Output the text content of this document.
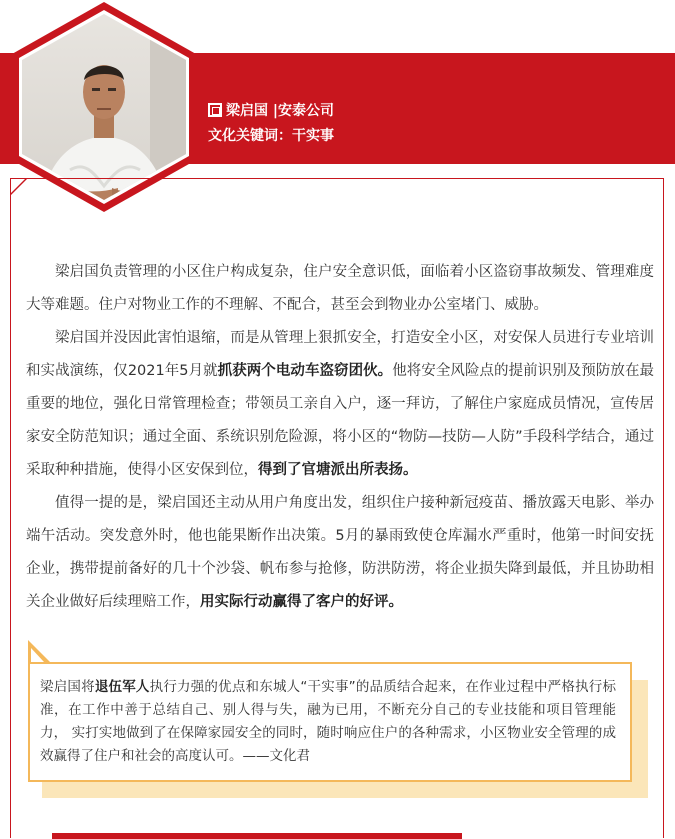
梁启国 |安泰公司
文化关键词：干实事

梁启国负责管理的小区住户构成复杂，住户安全意识低，面临着小区盗窃事故频发、管理难度大等难题。住户对物业工作的不理解、不配合，甚至会到物业办公室堵门、威胁。

梁启国并没因此害怕退缩，而是从管理上狠抓安全，打造安全小区，对安保人员进行专业培训和实战演练，仅2021年5月就抓获两个电动车盗窃团伙。他将安全风险点的提前识别及预防放在最重要的地位，强化日常管理检查；带领员工亲自入户，逐一拜访，了解住户家庭成员情况，宣传居家安全防范知识；通过全面、系统识别危险源，将小区的“物防—技防—人防”手段科学结合，通过采取种种措施，使得小区安保到位，得到了官塘派出所表扬。

值得一提的是，梁启国还主动从用户角度出发，组织住户接种新冠疫苗、播放露天电影、举办端午活动。突发意外时，他也能果断作出决策。5月的暴雨致使仓库漏水严重时，他第一时间安抚企业，携带提前备好的几十个沙袋、帆布参与抢修，防洪防涝，将企业损失降到最低，并且协助相关企业做好后续理赔工作，用实际行动赢得了客户的好评。

梁启国将退伍军人执行力强的优点和东城人“干实事”的品质结合起来，在作业过程中严格执行标准，在工作中善于总结自己、别人得与失，融为已用，不断充分自己的专业技能和项目管理能力， 实打实地做到了在保障家园安全的同时，随时响应住户的各种需求，小区物业安全管理的成效赢得了住户和社会的高度认可。——文化君
